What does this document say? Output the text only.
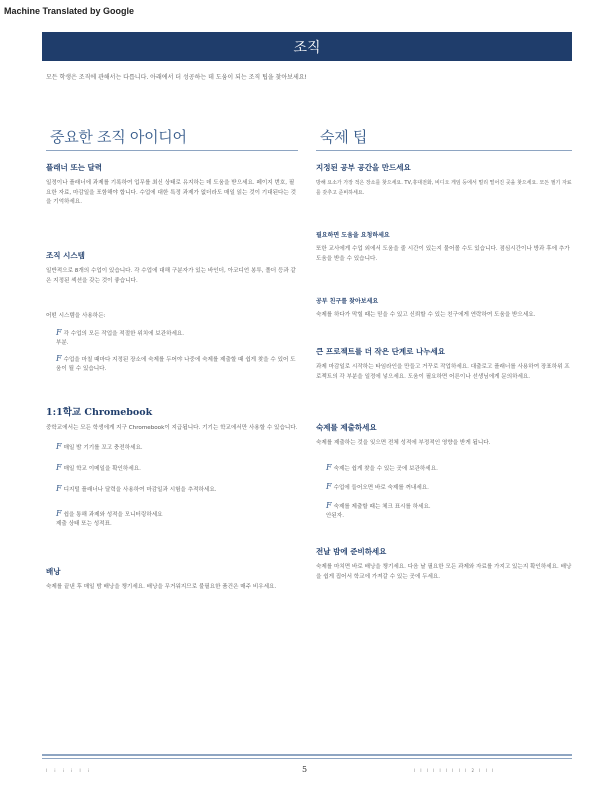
Machine Translated by Google
조직
모든 학생은 조직에 관해서는 다릅니다. 아래에서 더 성공하는 데 도움이 되는 조직 팁을 찾아보세요!
중요한 조직 아이디어
플래너 또는 달력
일정이나 플래너에 과제를 기록하여 업무를 최신 상태로 유지하는 데 도움을 받으세요. 페이지 번호, 필요한 자료, 마감일을 포함해야 합니다. 수업에 대한 특정 과제가 없더라도 매일 읽는 것이 기대된다는 것을 기억하세요.
조직 시스템
일반적으로 8개의 수업이 있습니다. 각 수업에 대해 구분자가 있는 바인더, 아코디언 봉투, 폴더 등과 같은 지정된 섹션을 갖는 것이 좋습니다.
어떤 시스템을 사용하든:
F 각 수업의 모든 작업을 적절한 위치에 보관하세요.
부분.
F 수업을 마칠 때마다 지정된 장소에 숙제를 두어야 나중에 숙제를 제출할 때 쉽게 찾을 수 있어 도움이 될 수 있습니다.
1:1학교 Chromebook
중학교에서는 모든 학생에게 지구 Chromebook이 지급됩니다. 기기는 학교에서만 사용할 수 있습니다.
F 매일 밤 기기를 꼬고 충전하세요.
F 매일 학교 이메일을 확인하세요.
F 디지털 플래너나 달력을 사용하여 마감일과 시험을 추적하세요.
F 쉽을 통해 과제와 성적을 모니터링하세요
제출 상태 또는 성적표.
배낭
숙제를 끝낸 후 매일 밤 배낭을 챙기세요. 배낭을 무거워지므로 불필요한 품건은 매주 비우세요.
숙제 팁
지정된 공부 공간을 만드세요
방해 요소가 가장 적은 장소를 찾으세요. TV,휴대전화, 비디오 게임 등에서 멀리 떨어진 곳을 찾으세요. 모든 필기 자료를 갖추고 준비하세요.
필요하면 도움을 요청하세요
또한 교사에게 수업 외에서 도움을 줄 시간이 있는지 물어볼 수도 있습니다. 점심시간이나 방과 후에 추가 도움을 받을 수 있습니다.
공부 친구를 찾아보세요
숙제를 하다가 막힐 때는 믿을 수 있고 신뢰할 수 있는 친구에게 연락하여 도움을 받으세요.
큰 프로젝트를 더 작은 단계로 나누세요
과제 마감일로 시작하는 타임라인을 만들고 거꾸로 작업하세요. 대출로고 플래너를 사용하여 장표하위 프로젝트의 각 부분을 일정에 넣으세요. 도움이 필요하면 어른이나 선생님에게 문의하세요.
숙제를 제출하세요
숙제를 제출하는 것을 잊으면 전체 성적에 부정적인 영향을 받게 됩니다.
F 숙제는 쉽게 찾을 수 있는 곳에 보관하세요.
F 수업에 들어오면 바로 숙제를 꺼내세요.
F 숙제를 제출할 때는 체크 표시를 하세요.
안된자.
전날 밤에 준비하세요
숙제를 마치면 바로 배낭을 챙기세요. 다음 날 필요한 모든 과제와 자료를 가지고 있는지 확인하세요. 배낭을 쉽게 집어서 학교에 가져갈 수 있는 곳에 두세요.
l i i i l i	5	l l l l l l l l l 2 l l l
